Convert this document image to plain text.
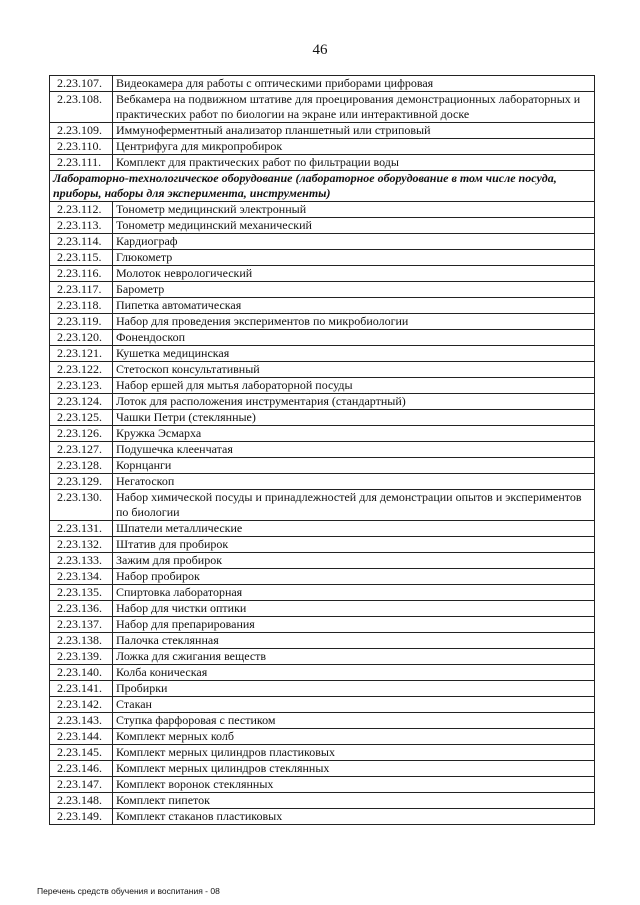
46
2.23.107.	Видеокамера для работы с оптическими приборами цифровая
2.23.108.	Вебкамера на подвижном штативе для проецирования демонстрационных лабораторных и практических работ по биологии на экране или интерактивной доске
2.23.109.	Иммуноферментный анализатор планшетный или стриповый
2.23.110.	Центрифуга для микропробирок
2.23.111.	Комплект для практических работ по фильтрации воды
Лабораторно-технологическое оборудование (лабораторное оборудование в том числе посуда, приборы, наборы для эксперимента, инструменты)	
2.23.112.	Тонометр медицинский электронный
2.23.113.	Тонометр медицинский механический
2.23.114.	Кардиограф
2.23.115.	Глюкометр
2.23.116.	Молоток неврологический
2.23.117.	Барометр
2.23.118.	Пипетка автоматическая
2.23.119.	Набор для проведения экспериментов по микробиологии
2.23.120.	Фонендоскоп
2.23.121.	Кушетка медицинская
2.23.122.	Стетоскоп консультативный
2.23.123.	Набор ершей для мытья лабораторной посуды
2.23.124.	Лоток для расположения инструментария (стандартный)
2.23.125.	Чашки Петри (стеклянные)
2.23.126.	Кружка Эсмарха
2.23.127.	Подушечка клеенчатая
2.23.128.	Корнцанги
2.23.129.	Негатоскоп
2.23.130.	Набор химической посуды и принадлежностей для демонстрации опытов и экспериментов по биологии
2.23.131.	Шпатели металлические
2.23.132.	Штатив для пробирок
2.23.133.	Зажим для пробирок
2.23.134.	Набор пробирок
2.23.135.	Спиртовка лабораторная
2.23.136.	Набор для чистки оптики
2.23.137.	Набор для препарирования
2.23.138.	Палочка стеклянная
2.23.139.	Ложка для сжигания веществ
2.23.140.	Колба коническая
2.23.141.	Пробирки
2.23.142.	Стакан
2.23.143.	Ступка фарфоровая с пестиком
2.23.144.	Комплект мерных колб
2.23.145.	Комплект мерных цилиндров пластиковых
2.23.146.	Комплект мерных цилиндров стеклянных
2.23.147.	Комплект воронок стеклянных
2.23.148.	Комплект пипеток
2.23.149.	Комплект стаканов пластиковых
Перечень средств обучения и воспитания - 08
